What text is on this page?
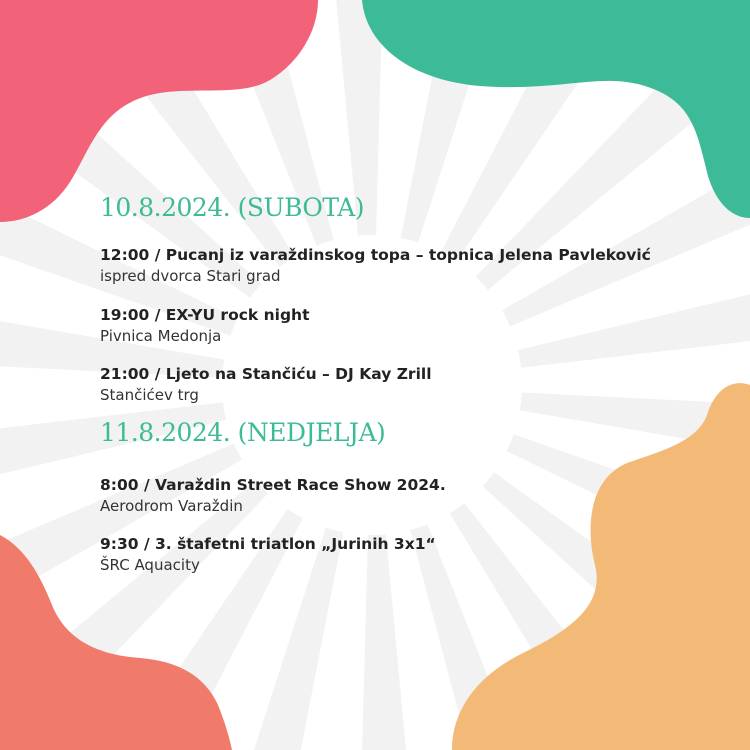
10.8.2024. (SUBOTA)
12:00 / Pucanj iz varaždinskog topa – topnica Jelena Pavleković
ispred dvorca Stari grad
19:00 / EX-YU rock night
Pivnica Medonja
21:00 / Ljeto na Stančiću – DJ Kay Zrill
Stančićev trg
11.8.2024. (NEDJELJA)
8:00 / Varaždin Street Race Show 2024.
Aerodrom Varaždin
9:30 / 3. štafetni triatlon „Jurinih 3x1“
ŠRC Aquacity
